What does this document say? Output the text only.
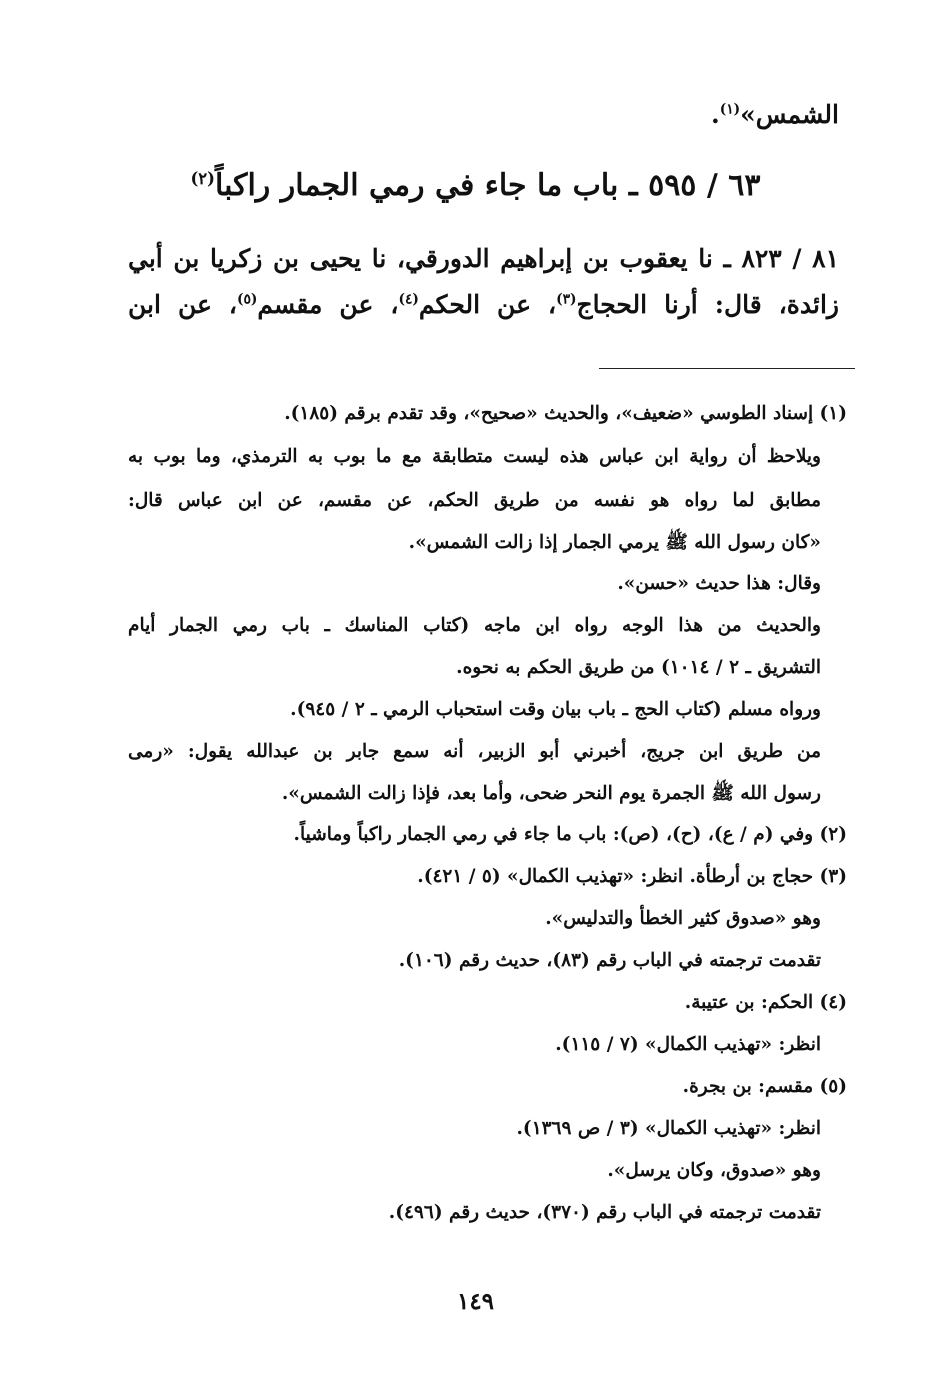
الشمس»$^{(١)}$.
٦٣ / ٥٩٥ ـ باب ما جاء في رمي الجمار راكباً$^{(٢)}$
٨١ / ٨٢٣ ـ نا يعقوب بن إبراهيم الدورقي، نا يحيى بن زكريا بن أبي
زائدة، قال: أرنا الحجاج$^{(٣)}$، عن الحكم$^{(٤)}$، عن مقسم$^{(٥)}$، عن ابن
(١) إسناد الطوسي «ضعيف»، والحديث «صحيح»، وقد تقدم برقم (١٨٥).
ويلاحظ أن رواية ابن عباس هذه ليست متطابقة مع ما بوب به الترمذي، وما بوب به
مطابق لما رواه هو نفسه من طريق الحكم، عن مقسم، عن ابن عباس قال:
«كان رسول الله ﷺ يرمي الجمار إذا زالت الشمس».
وقال: هذا حديث «حسن».
والحديث من هذا الوجه رواه ابن ماجه (كتاب المناسك ـ باب رمي الجمار أيام
التشريق ـ ٢ / ١٠١٤) من طريق الحكم به نحوه.
ورواه مسلم (كتاب الحج ـ باب بيان وقت استحباب الرمي ـ ٢ / ٩٤٥).
من طريق ابن جريج، أخبرني أبو الزبير، أنه سمع جابر بن عبدالله يقول: «رمى
رسول الله ﷺ الجمرة يوم النحر ضحى، وأما بعد، فإذا زالت الشمس».
(٢) وفي (م / ع)، (ح)، (ص): باب ما جاء في رمي الجمار راكباً وماشياً.
(٣) حجاج بن أرطأة. انظر: «تهذيب الكمال» (٥ / ٤٢١).
وهو «صدوق كثير الخطأ والتدليس».
تقدمت ترجمته في الباب رقم (٨٣)، حديث رقم (١٠٦).
(٤) الحكم: بن عتيبة.
انظر: «تهذيب الكمال» (٧ / ١١٥).
(٥) مقسم: بن بجرة.
انظر: «تهذيب الكمال» (٣ / ص ١٣٦٩).
وهو «صدوق، وكان يرسل».
تقدمت ترجمته في الباب رقم (٣٧٠)، حديث رقم (٤٩٦).
١٤٩
